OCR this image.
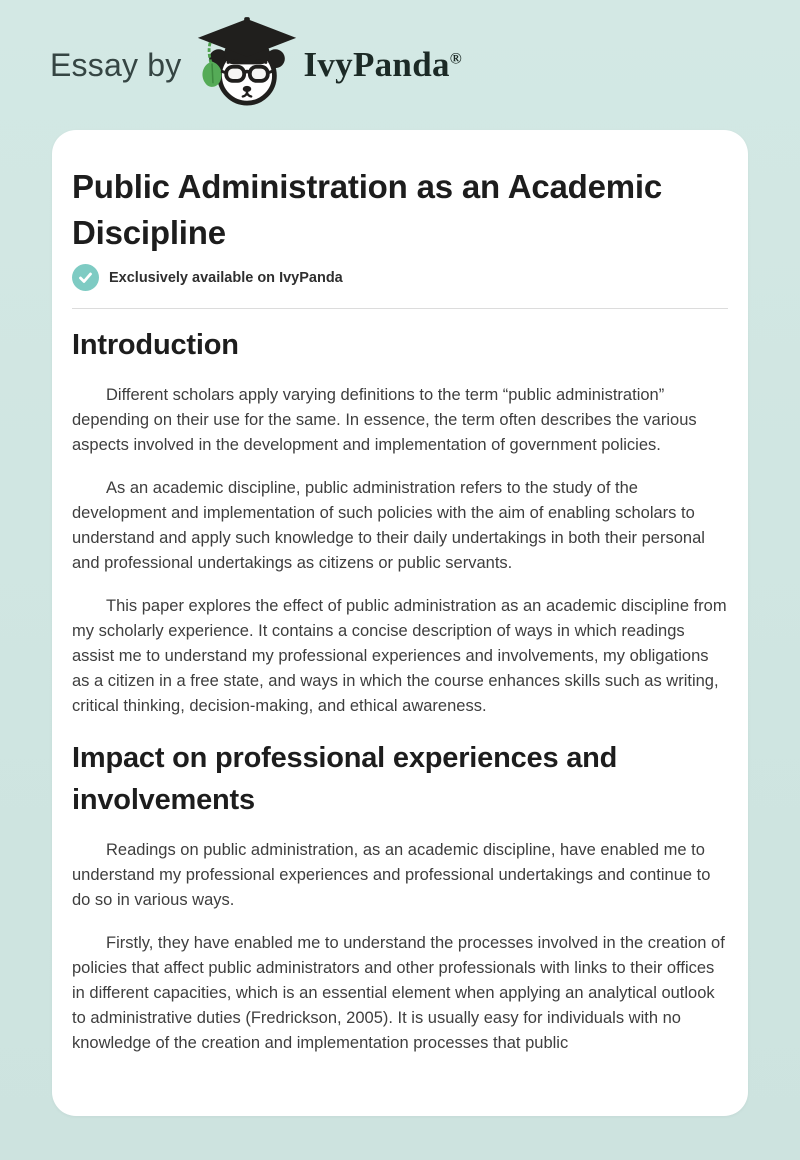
Essay by	IvyPanda®
Public Administration as an Academic Discipline
Exclusively available on IvyPanda
Introduction

Different scholars apply varying definitions to the term “public administration” depending on their use for the same. In essence, the term often describes the various aspects involved in the development and implementation of government policies.

As an academic discipline, public administration refers to the study of the development and implementation of such policies with the aim of enabling scholars to understand and apply such knowledge to their daily undertakings in both their personal and professional undertakings as citizens or public servants.

This paper explores the effect of public administration as an academic discipline from my scholarly experience. It contains a concise description of ways in which readings assist me to understand my professional experiences and involvements, my obligations as a citizen in a free state, and ways in which the course enhances skills such as writing, critical thinking, decision-making, and ethical awareness.

Impact on professional experiences and involvements

Readings on public administration, as an academic discipline, have enabled me to understand my professional experiences and professional undertakings and continue to do so in various ways.

Firstly, they have enabled me to understand the processes involved in the creation of policies that affect public administrators and other professionals with links to their offices in different capacities, which is an essential element when applying an analytical outlook to administrative duties (Fredrickson, 2005). It is usually easy for individuals with no knowledge of the creation and implementation processes that public
